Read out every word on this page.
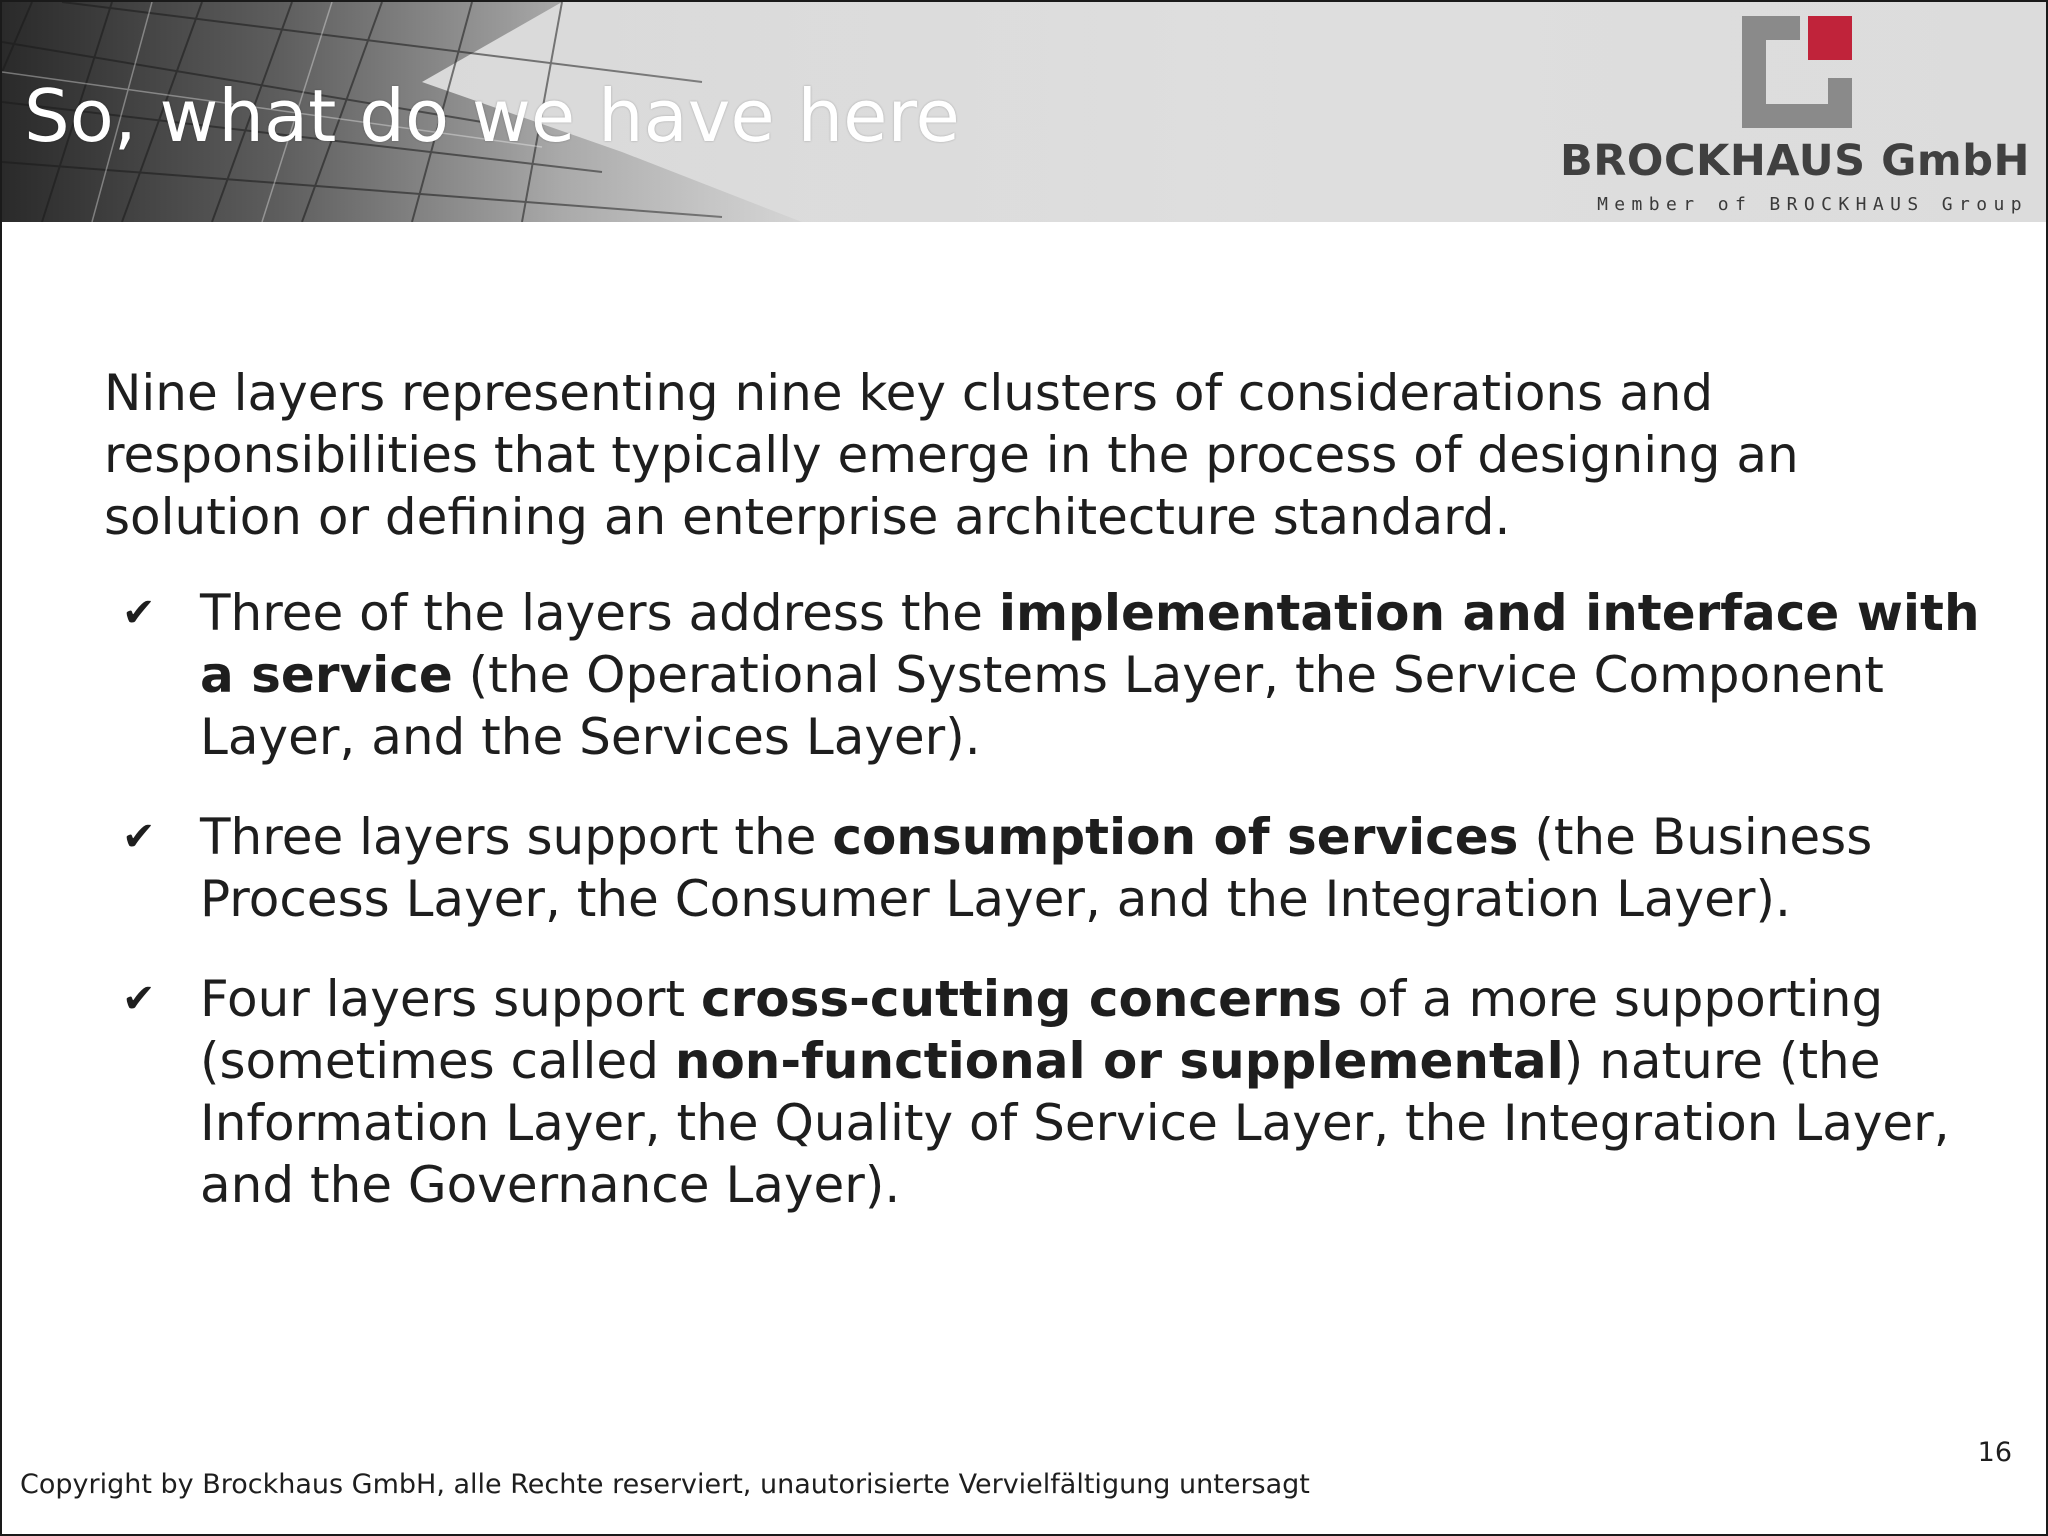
So, what do we have here
BROCKHAUS GmbH
Member of BROCKHAUS Group

Nine layers representing nine key clusters of considerations and responsibilities that typically emerge in the process of designing an solution or defining an enterprise architecture standard.

✔ Three of the layers address the implementation and interface with a service (the Operational Systems Layer, the Service Component Layer, and the Services Layer).
✔ Three layers support the consumption of services (the Business Process Layer, the Consumer Layer, and the Integration Layer).
✔ Four layers support cross-cutting concerns of a more supporting (sometimes called non-functional or supplemental) nature (the Information Layer, the Quality of Service Layer, the Integration Layer, and the Governance Layer).
16
Copyright by Brockhaus GmbH, alle Rechte reserviert, unautorisierte Vervielfältigung untersagt
